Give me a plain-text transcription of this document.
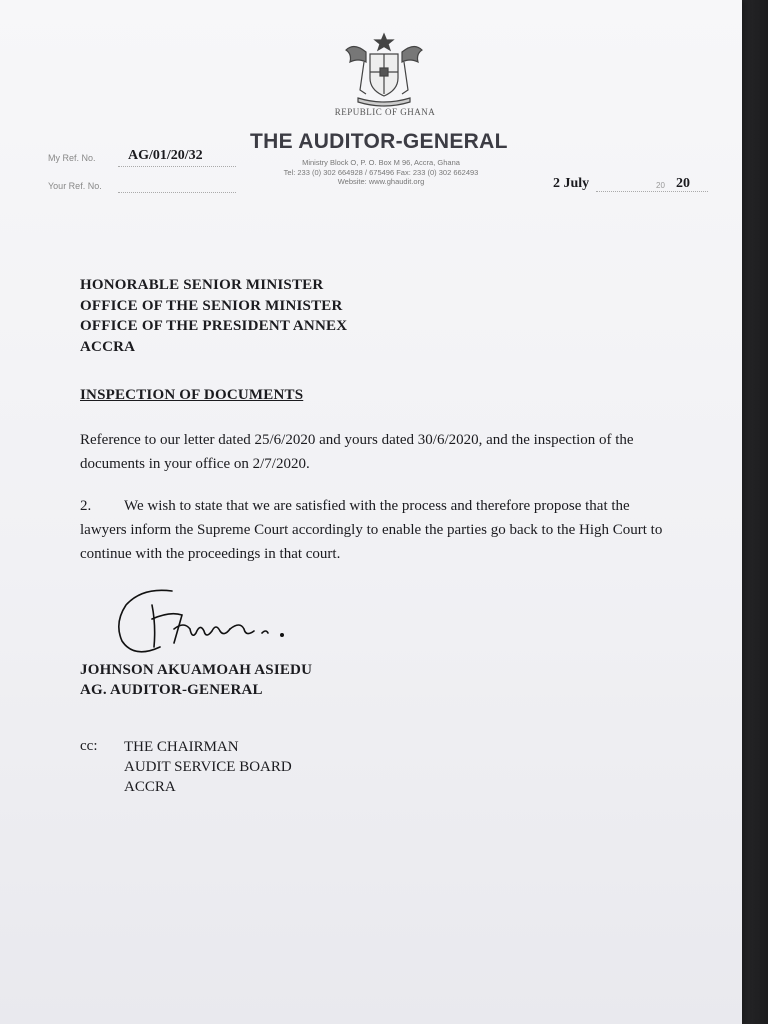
REPUBLIC OF GHANA
THE AUDITOR-GENERAL
Ministry Block O, P. O. Box M 96, Accra, Ghana
Tel: 233 (0) 302 664928 / 675496 Fax: 233 (0) 302 662493
Website: www.ghaudit.org
My Ref. No. AG/01/20/32
Your Ref. No.	2 July	20 20
HONORABLE SENIOR MINISTER
OFFICE OF THE SENIOR MINISTER
OFFICE OF THE PRESIDENT ANNEX
ACCRA
INSPECTION OF DOCUMENTS
Reference to our letter dated 25/6/2020 and yours dated 30/6/2020, and the inspection of the documents in your office on 2/7/2020.
2. We wish to state that we are satisfied with the process and therefore propose that the lawyers inform the Supreme Court accordingly to enable the parties go back to the High Court to continue with the proceedings in that court.
JOHNSON AKUAMOAH ASIEDU
AG. AUDITOR-GENERAL
cc: THE CHAIRMAN
AUDIT SERVICE BOARD
ACCRA
